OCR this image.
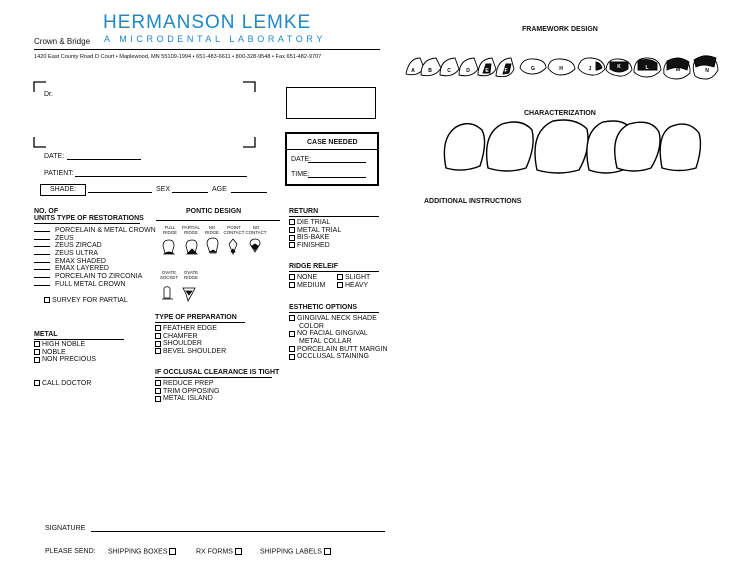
HERMANSON LEMKE
A MICRODENTAL LABORATORY
Crown & Bridge
1420 East County Road D Court • Maplewood, MN 55109-1994 • 651-483-6611 • 800-328-9548 • Fax 651-482-9707
Dr.
CASE NEEDED
DATE:
TIME:
DATE:
PATIENT:
SHADE:	SEX	AGE
NO. OF
UNITS TYPE OF RESTORATIONS
PORCELAIN & METAL CROWN
ZEUS
ZEUS ZIRCAD
ZEUS ULTRA
EMAX SHADED
EMAX LAYERED
PORCELAIN TO ZIRCONIA
FULL METAL CROWN
SURVEY FOR PARTIAL
METAL
HIGH NOBLE
NOBLE
NON PRECIOUS
CALL DOCTOR
PONTIC DESIGN
FULL
RIDGE
PARTIAL
RIDGE
NO
RIDGE
POINT
CONTACT
NO
CONTACT
OVATE
SOCKET
OVATE
RIDGE
TYPE OF PREPARATION
FEATHER EDGE
CHAMFER
SHOULDER
BEVEL SHOULDER
IF OCCLUSAL CLEARANCE IS TIGHT
REDUCE PREP
TRIM OPPOSING
METAL ISLAND
RETURN
DIE TRIAL
METAL TRIAL
BIS-BAKE
FINISHED
RIDGE RELEIF
NONE	SLIGHT
MEDIUM	HEAVY
ESTHETIC OPTIONS
GINGIVAL NECK SHADE
COLOR
NO FACIAL GINGIVAL
METAL COLLAR
PORCELAIN BUTT MARGIN
OCCLUSAL STAINING
FRAMEWORK DESIGN
A	B	C	D	E	F	G	H	J	K	L	M	N
CHARACTERIZATION
ADDITIONAL INSTRUCTIONS
SIGNATURE
PLEASE SEND: SHIPPING BOXES	RX FORMS	SHIPPING LABELS
